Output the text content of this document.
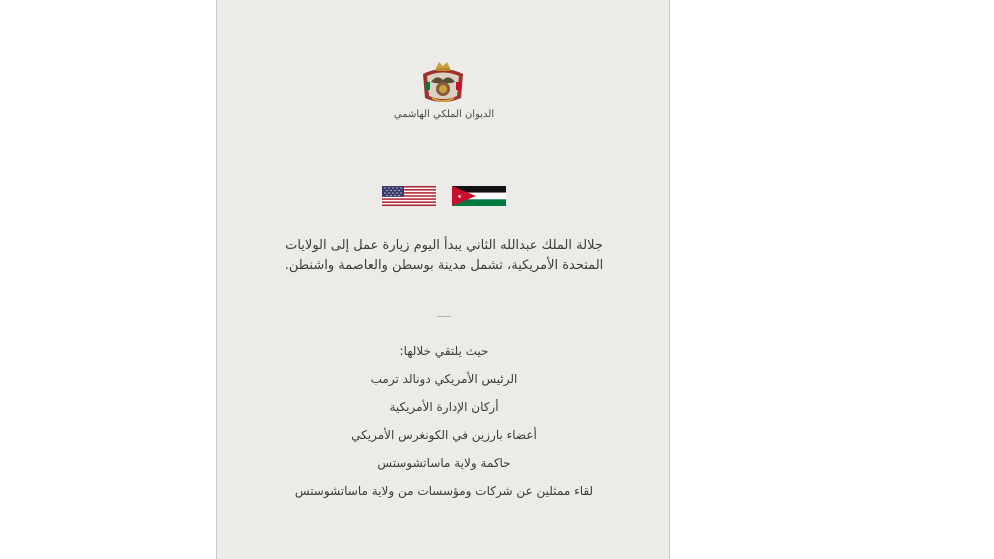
الديوان الملكي الهاشمي
جلالة الملك عبدالله الثاني يبدأ اليوم زيارة عمل إلى الولايات المتحدة الأمريكية، تشمل مدينة بوسطن والعاصمة واشنطن.
حيث يلتقي خلالها:
الرئيس الأمريكي دونالد ترمب
أركان الإدارة الأمريكية
أعضاء بارزين في الكونغرس الأمريكي
حاكمة ولاية ماساتشوستس
لقاء ممثلين عن شركات ومؤسسات من ولاية ماساتشوستس
